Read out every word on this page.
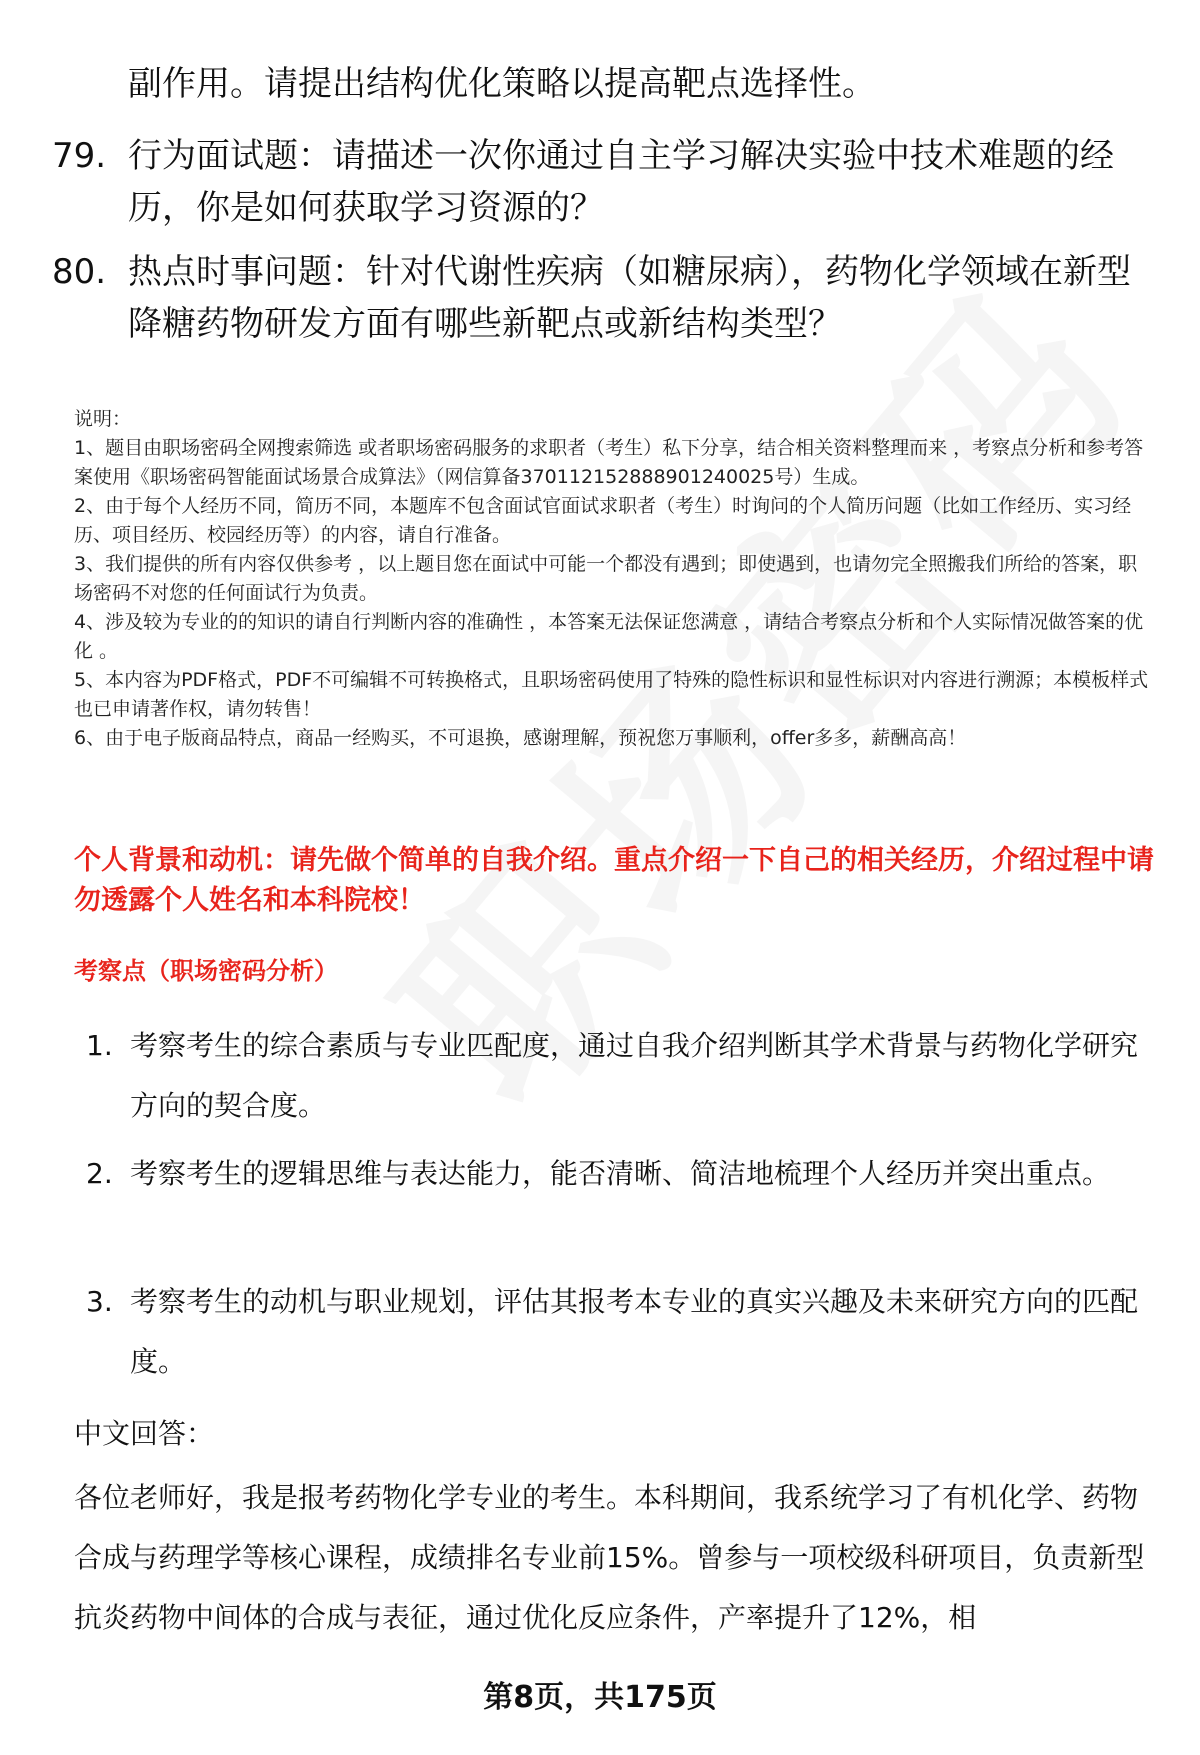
副作用。请提出结构优化策略以提高靶点选择性。
79. 行为面试题：请描述一次你通过自主学习解决实验中技术难题的经历，你是如何获取学习资源的？
80. 热点时事问题：针对代谢性疾病（如糖尿病），药物化学领域在新型降糖药物研发方面有哪些新靶点或新结构类型？

说明：

1、题目由职场密码全网搜索筛选 或者职场密码服务的求职者（考生）私下分享，结合相关资料整理而来 ，考察点分析和参考答案使用《职场密码智能面试场景合成算法》（网信算备370112152888901240025号）生成。

2、由于每个人经历不同，简历不同，本题库不包含面试官面试求职者（考生）时询问的个人简历问题（比如工作经历、实习经历、项目经历、校园经历等）的内容，请自行准备。

3、我们提供的所有内容仅供参考 ，以上题目您在面试中可能一个都没有遇到；即使遇到，也请勿完全照搬我们所给的答案，职场密码不对您的任何面试行为负责。

4、涉及较为专业的的知识的请自行判断内容的准确性 ，本答案无法保证您满意 ，请结合考察点分析和个人实际情况做答案的优化 。

5、本内容为PDF格式，PDF不可编辑不可转换格式，且职场密码使用了特殊的隐性标识和显性标识对内容进行溯源；本模板样式也已申请著作权，请勿转售！

6、由于电子版商品特点，商品一经购买，不可退换，感谢理解，预祝您万事顺利，offer多多，薪酬高高！

个人背景和动机：请先做个简单的自我介绍。重点介绍一下自己的相关经历，介绍过程中请勿透露个人姓名和本科院校！
考察点（职场密码分析）
1. 考察考生的综合素质与专业匹配度，通过自我介绍判断其学术背景与药物化学研究方向的契合度。
2. 考察考生的逻辑思维与表达能力，能否清晰、简洁地梳理个人经历并突出重点。
3. 考察考生的动机与职业规划，评估其报考本专业的真实兴趣及未来研究方向的匹配度。
中文回答：
各位老师好，我是报考药物化学专业的考生。本科期间，我系统学习了有机化学、药物合成与药理学等核心课程，成绩排名专业前15%。曾参与一项校级科研项目，负责新型抗炎药物中间体的合成与表征，通过优化反应条件，产率提升了12%，相
第8页，共175页
